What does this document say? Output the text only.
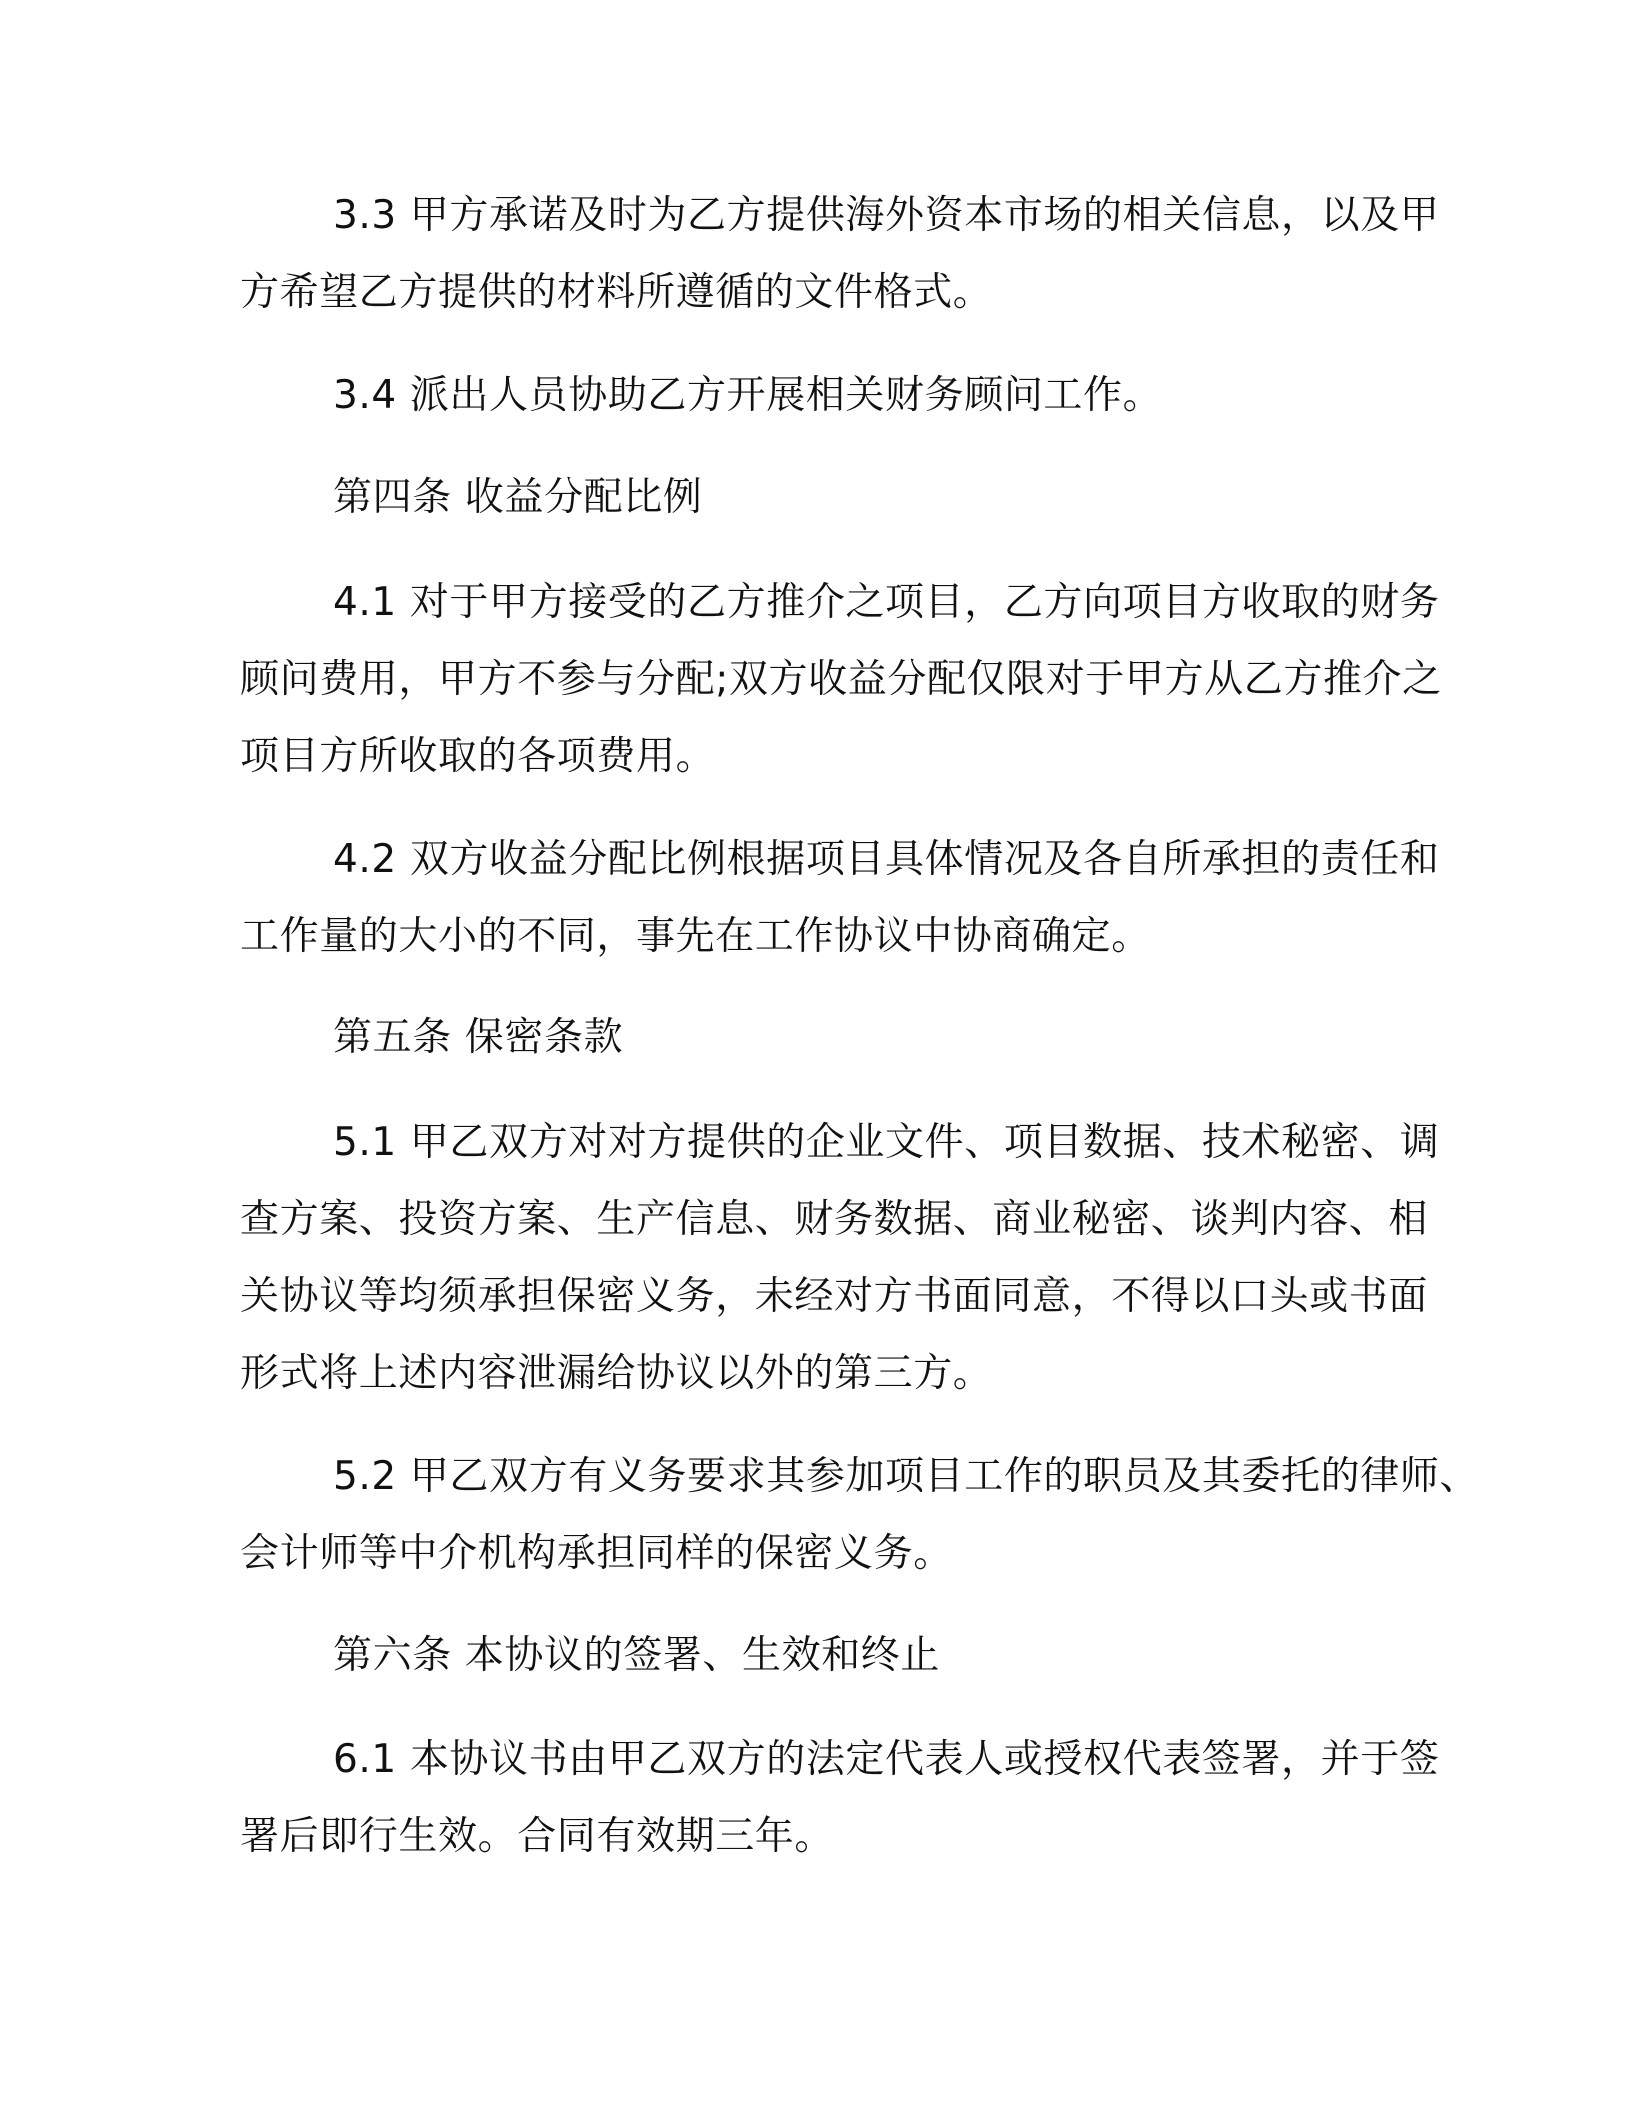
3.3 甲方承诺及时为乙方提供海外资本市场的相关信息，以及甲
方希望乙方提供的材料所遵循的文件格式。
3.4 派出人员协助乙方开展相关财务顾问工作。
第四条 收益分配比例
4.1 对于甲方接受的乙方推介之项目，乙方向项目方收取的财务
顾问费用，甲方不参与分配;双方收益分配仅限对于甲方从乙方推介之
项目方所收取的各项费用。
4.2 双方收益分配比例根据项目具体情况及各自所承担的责任和
工作量的大小的不同，事先在工作协议中协商确定。
第五条 保密条款
5.1 甲乙双方对对方提供的企业文件、项目数据、技术秘密、调
查方案、投资方案、生产信息、财务数据、商业秘密、谈判内容、相
关协议等均须承担保密义务，未经对方书面同意，不得以口头或书面
形式将上述内容泄漏给协议以外的第三方。
5.2 甲乙双方有义务要求其参加项目工作的职员及其委托的律师、
会计师等中介机构承担同样的保密义务。
第六条 本协议的签署、生效和终止
6.1 本协议书由甲乙双方的法定代表人或授权代表签署，并于签
署后即行生效。合同有效期三年。
